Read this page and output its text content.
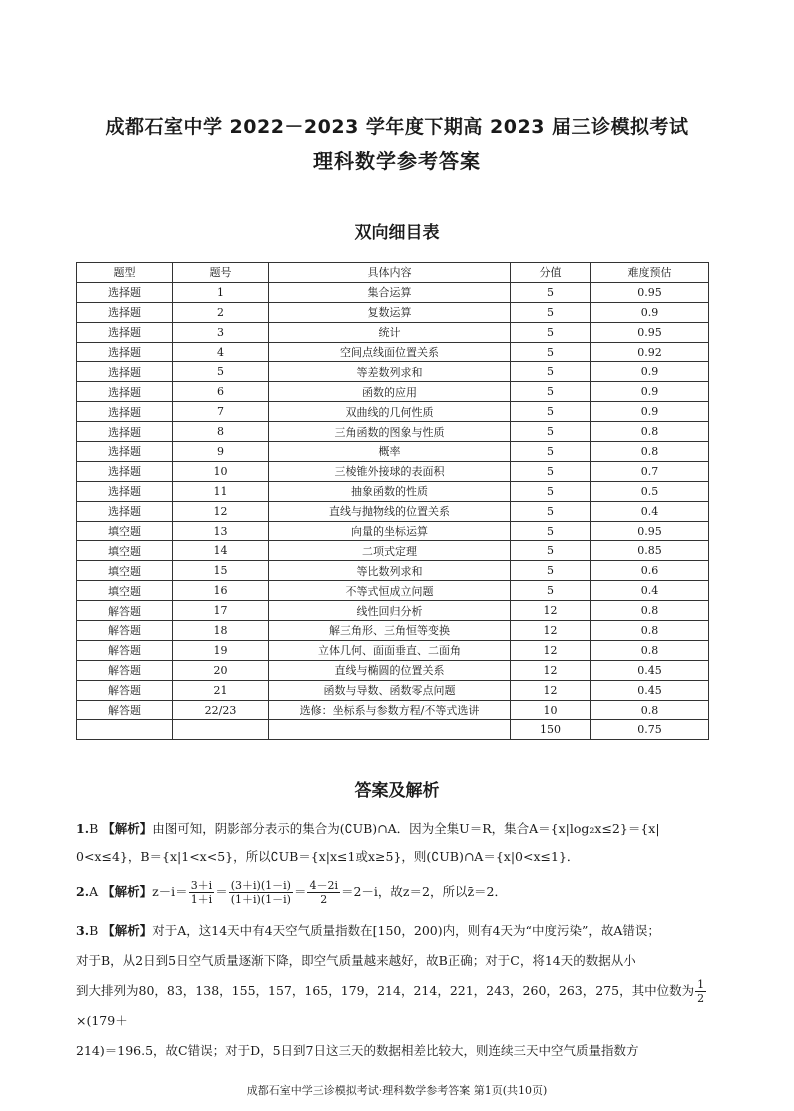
成都石室中学 2022－2023 学年度下期高 2023 届三诊模拟考试
理科数学参考答案
双向细目表
题型	题号	具体内容	分值	难度预估
选择题	1	集合运算	5	0.95
选择题	2	复数运算	5	0.9
选择题	3	统计	5	0.95
选择题	4	空间点线面位置关系	5	0.92
选择题	5	等差数列求和	5	0.9
选择题	6	函数的应用	5	0.9
选择题	7	双曲线的几何性质	5	0.9
选择题	8	三角函数的图象与性质	5	0.8
选择题	9	概率	5	0.8
选择题	10	三棱锥外接球的表面积	5	0.7
选择题	11	抽象函数的性质	5	0.5
选择题	12	直线与抛物线的位置关系	5	0.4
填空题	13	向量的坐标运算	5	0.95
填空题	14	二项式定理	5	0.85
填空题	15	等比数列求和	5	0.6
填空题	16	不等式恒成立问题	5	0.4
解答题	17	线性回归分析	12	0.8
解答题	18	解三角形、三角恒等变换	12	0.8
解答题	19	立体几何、面面垂直、二面角	12	0.8
解答题	20	直线与椭圆的位置关系	12	0.45
解答题	21	函数与导数、函数零点问题	12	0.45
解答题	22/23	选修：坐标系与参数方程/不等式选讲	10	0.8
			150	0.75
答案及解析
1.B 【解析】由图可知，阴影部分表示的集合为(∁UB)∩A．因为全集U＝R，集合A＝{x|log₂x≤2}＝{x|
0<x≤4}，B＝{x|1<x<5}，所以∁UB＝{x|x≤1或x≥5}，则(∁UB)∩A＝{x|0<x≤1}．
2.A 【解析】$z-i= \frac{3+i}{1+i} = \frac{(3+i)(1-i)}{(1+i)(1-i)} = \frac{4-2i}{2} =2-i$，故z＝2，所以z̄＝2．
3.B 【解析】对于A，这14天中有4天空气质量指数在[150，200)内，则有4天为“中度污染”，故A错误；
对于B，从2日到5日空气质量逐渐下降，即空气质量越来越好，故B正确；对于C，将14天的数据从小
到大排列为80，83，138，155，157，165，179，214，214，221，243，260，263，275，其中位数为 $\frac{1}{2}$
×(179＋
214)＝196.5，故C错误；对于D，5日到7日这三天的数据相差比较大，则连续三天中空气质量指数方
成都石室中学三诊模拟考试·理科数学参考答案 第1页(共10页)
